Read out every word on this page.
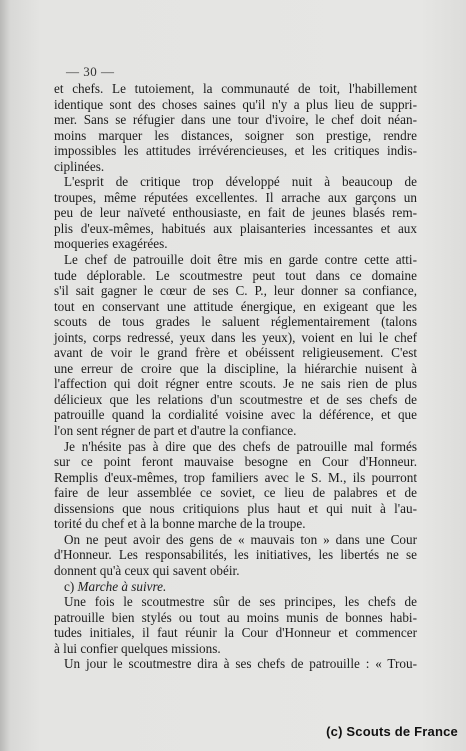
— 30 —
et chefs. Le tutoiement, la communauté de toit, l'habillement
identique sont des choses saines qu'il n'y a plus lieu de suppri-
mer. Sans se réfugier dans une tour d'ivoire, le chef doit néan-
moins marquer les distances, soigner son prestige, rendre
impossibles les attitudes irrévérencieuses, et les critiques indis-
ciplinées.
L'esprit de critique trop développé nuit à beaucoup de
troupes, même réputées excellentes. Il arrache aux garçons un
peu de leur naïveté enthousiaste, en fait de jeunes blasés rem-
plis d'eux-mêmes, habitués aux plaisanteries incessantes et aux
moqueries exagérées.
Le chef de patrouille doit être mis en garde contre cette atti-
tude déplorable. Le scoutmestre peut tout dans ce domaine
s'il sait gagner le cœur de ses C. P., leur donner sa confiance,
tout en conservant une attitude énergique, en exigeant que les
scouts de tous grades le saluent réglementairement (talons
joints, corps redressé, yeux dans les yeux), voient en lui le chef
avant de voir le grand frère et obéissent religieusement. C'est
une erreur de croire que la discipline, la hiérarchie nuisent à
l'affection qui doit régner entre scouts. Je ne sais rien de plus
délicieux que les relations d'un scoutmestre et de ses chefs de
patrouille quand la cordialité voisine avec la déférence, et que
l'on sent régner de part et d'autre la confiance.
Je n'hésite pas à dire que des chefs de patrouille mal formés
sur ce point feront mauvaise besogne en Cour d'Honneur.
Remplis d'eux-mêmes, trop familiers avec le S. M., ils pourront
faire de leur assemblée ce soviet, ce lieu de palabres et de
dissensions que nous critiquions plus haut et qui nuit à l'au-
torité du chef et à la bonne marche de la troupe.
On ne peut avoir des gens de « mauvais ton » dans une Cour
d'Honneur. Les responsabilités, les initiatives, les libertés ne se
donnent qu'à ceux qui savent obéir.
c) Marche à suivre.
Une fois le scoutmestre sûr de ses principes, les chefs de
patrouille bien stylés ou tout au moins munis de bonnes habi-
tudes initiales, il faut réunir la Cour d'Honneur et commencer
à lui confier quelques missions.
Un jour le scoutmestre dira à ses chefs de patrouille : « Trou-
(c) Scouts de France
